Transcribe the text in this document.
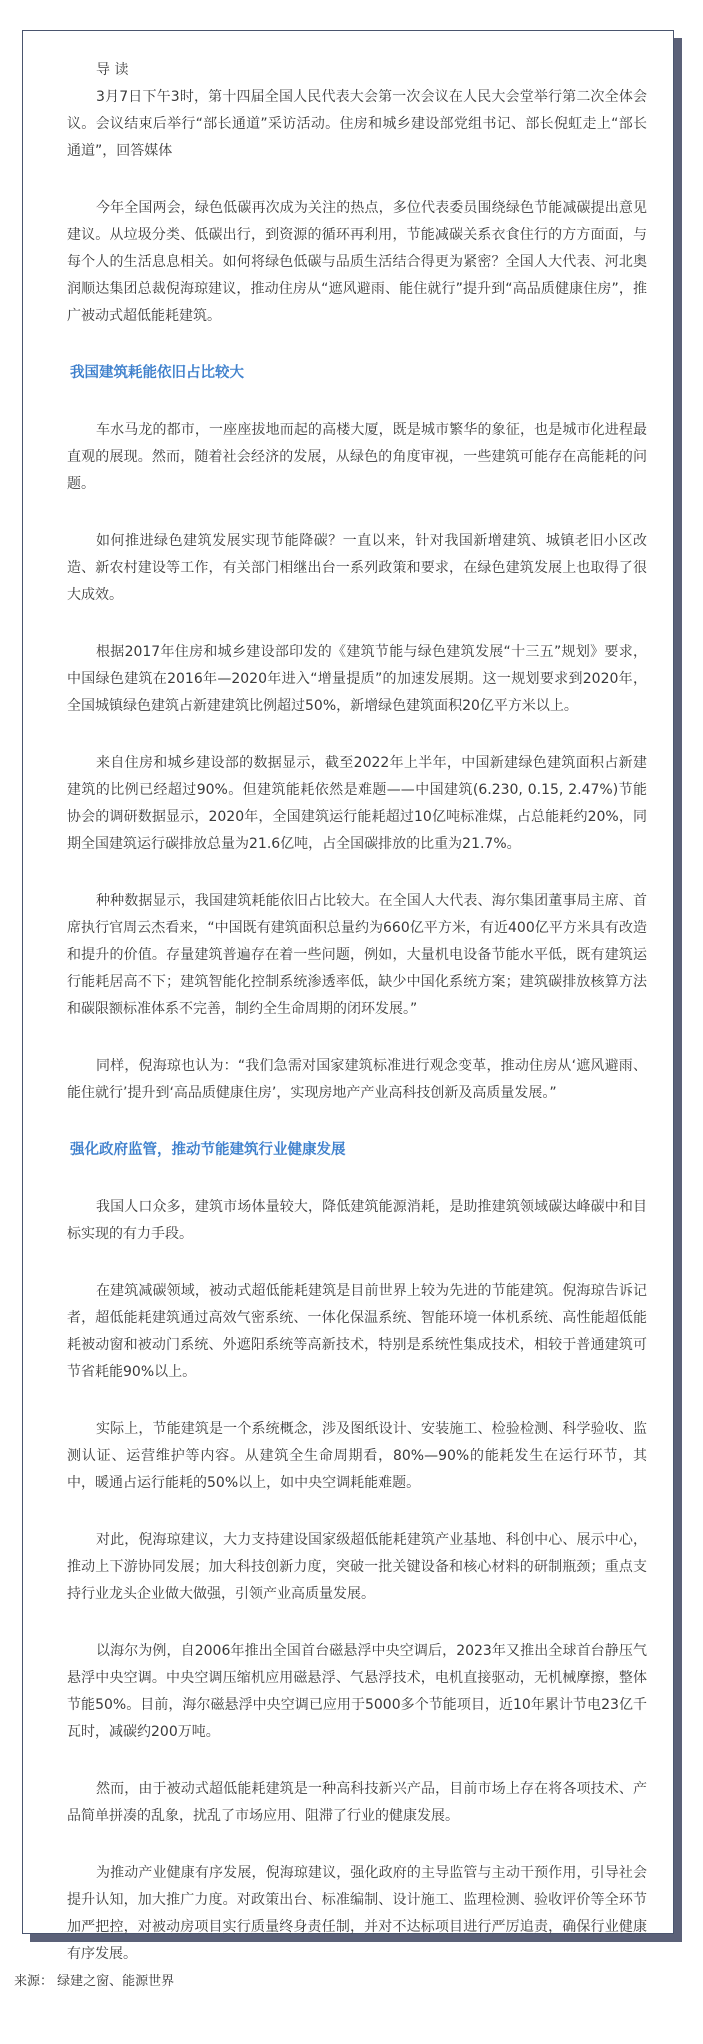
导 读

3月7日下午3时，第十四届全国人民代表大会第一次会议在人民大会堂举行第二次全体会议。会议结束后举行“部长通道”采访活动。住房和城乡建设部党组书记、部长倪虹走上“部长通道”，回答媒体

今年全国两会，绿色低碳再次成为关注的热点，多位代表委员围绕绿色节能减碳提出意见建议。从垃圾分类、低碳出行，到资源的循环再利用，节能减碳关系衣食住行的方方面面，与每个人的生活息息相关。如何将绿色低碳与品质生活结合得更为紧密？全国人大代表、河北奥润顺达集团总裁倪海琼建议，推动住房从“遮风避雨、能住就行”提升到“高品质健康住房”，推广被动式超低能耗建筑。

我国建筑耗能依旧占比较大

车水马龙的都市，一座座拔地而起的高楼大厦，既是城市繁华的象征，也是城市化进程最直观的展现。然而，随着社会经济的发展，从绿色的角度审视，一些建筑可能存在高能耗的问题。

如何推进绿色建筑发展实现节能降碳？一直以来，针对我国新增建筑、城镇老旧小区改造、新农村建设等工作，有关部门相继出台一系列政策和要求，在绿色建筑发展上也取得了很大成效。

根据2017年住房和城乡建设部印发的《建筑节能与绿色建筑发展“十三五”规划》要求，中国绿色建筑在2016年—2020年进入“增量提质”的加速发展期。这一规划要求到2020年，全国城镇绿色建筑占新建建筑比例超过50%，新增绿色建筑面积20亿平方米以上。

来自住房和城乡建设部的数据显示，截至2022年上半年，中国新建绿色建筑面积占新建建筑的比例已经超过90%。但建筑能耗依然是难题——中国建筑(6.230, 0.15, 2.47%)节能协会的调研数据显示，2020年，全国建筑运行能耗超过10亿吨标准煤，占总能耗约20%，同期全国建筑运行碳排放总量为21.6亿吨，占全国碳排放的比重为21.7%。

种种数据显示，我国建筑耗能依旧占比较大。在全国人大代表、海尔集团董事局主席、首席执行官周云杰看来，“中国既有建筑面积总量约为660亿平方米，有近400亿平方米具有改造和提升的价值。存量建筑普遍存在着一些问题，例如，大量机电设备节能水平低，既有建筑运行能耗居高不下；建筑智能化控制系统渗透率低，缺少中国化系统方案；建筑碳排放核算方法和碳限额标准体系不完善，制约全生命周期的闭环发展。”

同样，倪海琼也认为：“我们急需对国家建筑标准进行观念变革，推动住房从‘遮风避雨、能住就行’提升到‘高品质健康住房’，实现房地产产业高科技创新及高质量发展。”

强化政府监管，推动节能建筑行业健康发展

我国人口众多，建筑市场体量较大，降低建筑能源消耗，是助推建筑领域碳达峰碳中和目标实现的有力手段。

在建筑减碳领域，被动式超低能耗建筑是目前世界上较为先进的节能建筑。倪海琼告诉记者，超低能耗建筑通过高效气密系统、一体化保温系统、智能环境一体机系统、高性能超低能耗被动窗和被动门系统、外遮阳系统等高新技术，特别是系统性集成技术，相较于普通建筑可节省耗能90%以上。

实际上，节能建筑是一个系统概念，涉及图纸设计、安装施工、检验检测、科学验收、监测认证、运营维护等内容。从建筑全生命周期看，80%—90%的能耗发生在运行环节，其中，暖通占运行能耗的50%以上，如中央空调耗能难题。

对此，倪海琼建议，大力支持建设国家级超低能耗建筑产业基地、科创中心、展示中心，推动上下游协同发展；加大科技创新力度，突破一批关键设备和核心材料的研制瓶颈；重点支持行业龙头企业做大做强，引领产业高质量发展。

以海尔为例，自2006年推出全国首台磁悬浮中央空调后，2023年又推出全球首台静压气悬浮中央空调。中央空调压缩机应用磁悬浮、气悬浮技术，电机直接驱动，无机械摩擦，整体节能50%。目前，海尔磁悬浮中央空调已应用于5000多个节能项目，近10年累计节电23亿千瓦时，减碳约200万吨。

然而，由于被动式超低能耗建筑是一种高科技新兴产品，目前市场上存在将各项技术、产品简单拼凑的乱象，扰乱了市场应用、阻滞了行业的健康发展。

为推动产业健康有序发展，倪海琼建议，强化政府的主导监管与主动干预作用，引导社会提升认知，加大推广力度。对政策出台、标准编制、设计施工、监理检测、验收评价等全环节加严把控，对被动房项目实行质量终身责任制，并对不达标项目进行严厉追责，确保行业健康有序发展。

来源： 绿建之窗、能源世界
